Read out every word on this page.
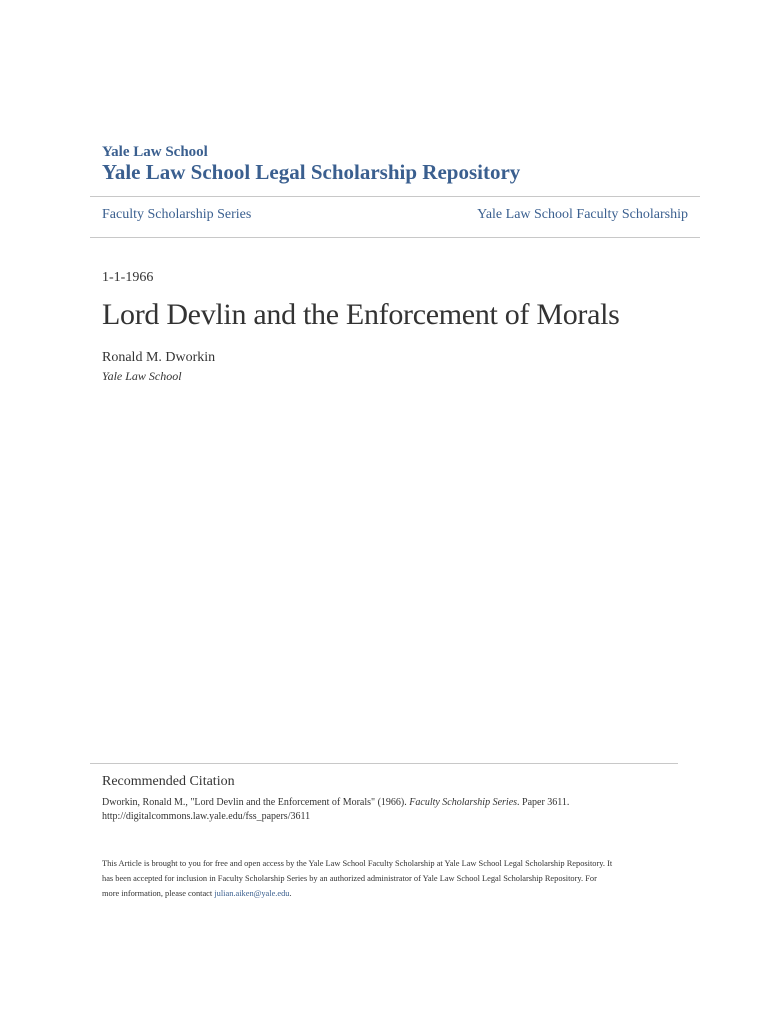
Yale Law School
Yale Law School Legal Scholarship Repository
Faculty Scholarship Series	Yale Law School Faculty Scholarship
1-1-1966
Lord Devlin and the Enforcement of Morals
Ronald M. Dworkin
Yale Law School
Recommended Citation
Dworkin, Ronald M., "Lord Devlin and the Enforcement of Morals" (1966). Faculty Scholarship Series. Paper 3611.
http://digitalcommons.law.yale.edu/fss_papers/3611
This Article is brought to you for free and open access by the Yale Law School Faculty Scholarship at Yale Law School Legal Scholarship Repository. It
has been accepted for inclusion in Faculty Scholarship Series by an authorized administrator of Yale Law School Legal Scholarship Repository. For
more information, please contact julian.aiken@yale.edu.
